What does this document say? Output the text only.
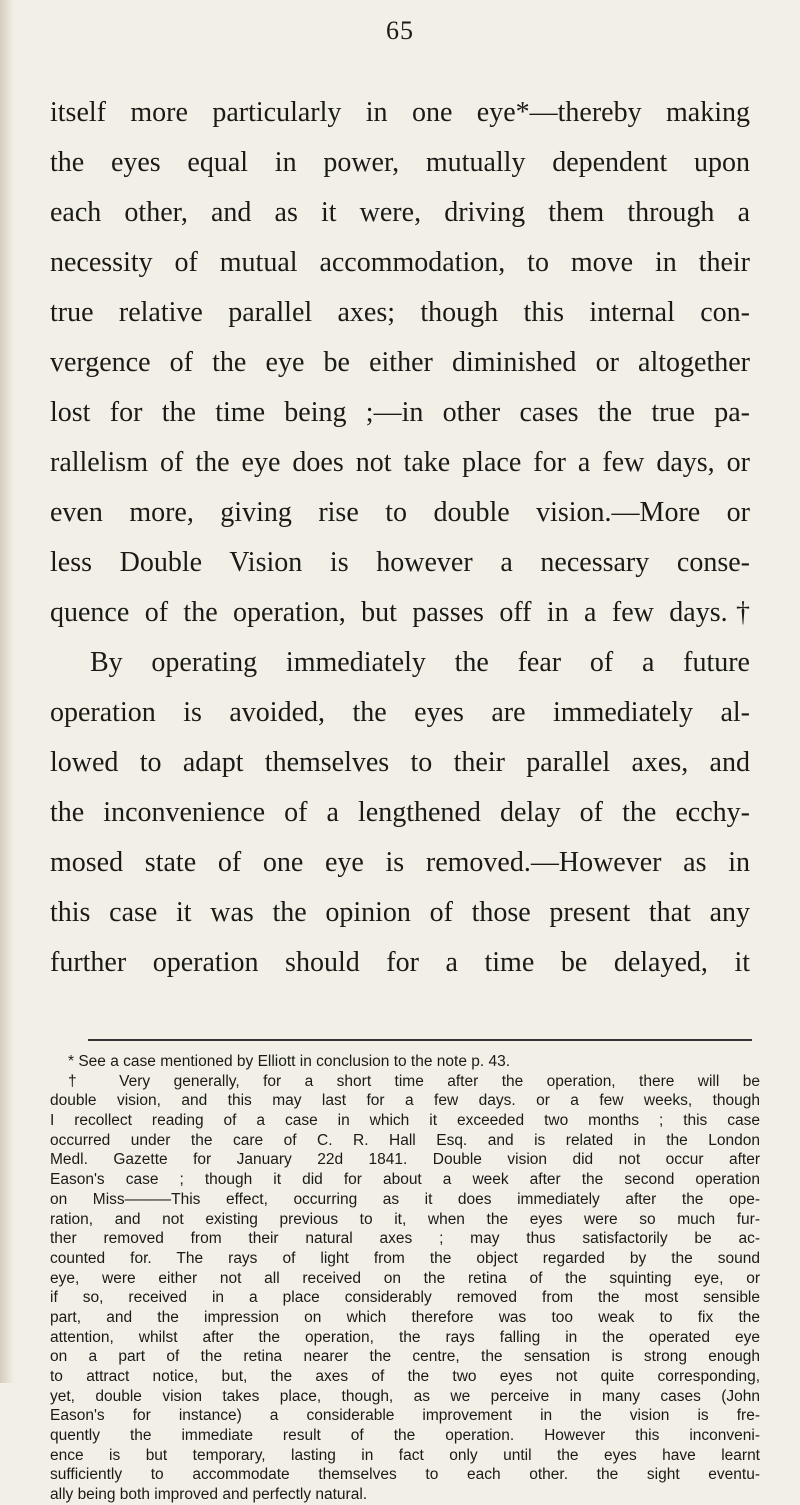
65
itself more particularly in one eye*—thereby making
the eyes equal in power, mutually dependent upon
each other, and as it were, driving them through a
necessity of mutual accommodation, to move in their
true relative parallel axes; though this internal con-
vergence of the eye be either diminished or altogether
lost for the time being ;—in other cases the true pa-
rallelism of the eye does not take place for a few days, or
even more, giving rise to double vision.—More or
less Double Vision is however a necessary conse-
quence of the operation, but passes off in a few days.†
By operating immediately the fear of a future
operation is avoided, the eyes are immediately al-
lowed to adapt themselves to their parallel axes, and
the inconvenience of a lengthened delay of the ecchy-
mosed state of one eye is removed.—However as in
this case it was the opinion of those present that any
further operation should for a time be delayed, it
* See a case mentioned by Elliott in conclusion to the note p. 43.
† Very generally, for a short time after the operation, there will be
double vision, and this may last for a few days. or a few weeks, though
I recollect reading of a case in which it exceeded two months ; this case
occurred under the care of C. R. Hall Esq. and is related in the London
Medl. Gazette for January 22d 1841. Double vision did not occur after
Eason's case ; though it did for about a week after the second operation
on Miss———This effect, occurring as it does immediately after the ope-
ration, and not existing previous to it, when the eyes were so much fur-
ther removed from their natural axes ; may thus satisfactorily be ac-
counted for. The rays of light from the object regarded by the sound
eye, were either not all received on the retina of the squinting eye, or
if so, received in a place considerably removed from the most sensible
part, and the impression on which therefore was too weak to fix the
attention, whilst after the operation, the rays falling in the operated eye
on a part of the retina nearer the centre, the sensation is strong enough
to attract notice, but, the axes of the two eyes not quite corresponding,
yet, double vision takes place, though, as we perceive in many cases (John
Eason's for instance) a considerable improvement in the vision is fre-
quently the immediate result of the operation. However this inconveni-
ence is but temporary, lasting in fact only until the eyes have learnt
sufficiently to accommodate themselves to each other. the sight eventu-
ally being both improved and perfectly natural.
